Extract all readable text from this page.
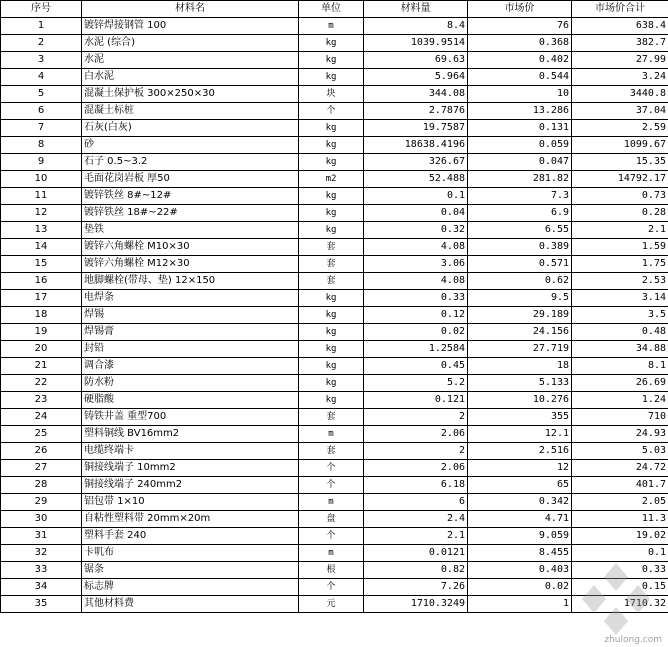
序号	材料名	单位	材料量	市场价	市场价合计
1	镀锌焊接钢管 100	m	8.4	76	638.4
2	水泥 (综合)	kg	1039.9514	0.368	382.7
3	水泥	kg	69.63	0.402	27.99
4	白水泥	kg	5.964	0.544	3.24
5	混凝土保护板 300×250×30	块	344.08	10	3440.8
6	混凝土标桩	个	2.7876	13.286	37.04
7	石灰(白灰)	kg	19.7587	0.131	2.59
8	砂	kg	18638.4196	0.059	1099.67
9	石子 0.5~3.2	kg	326.67	0.047	15.35
10	毛面花岗岩板 厚50	m2	52.488	281.82	14792.17
11	镀锌铁丝 8#~12#	kg	0.1	7.3	0.73
12	镀锌铁丝 18#~22#	kg	0.04	6.9	0.28
13	垫铁	kg	0.32	6.55	2.1
14	镀锌六角螺栓 M10×30	套	4.08	0.389	1.59
15	镀锌六角螺栓 M12×30	套	3.06	0.571	1.75
16	地脚螺栓(带母、垫) 12×150	套	4.08	0.62	2.53
17	电焊条	kg	0.33	9.5	3.14
18	焊锡	kg	0.12	29.189	3.5
19	焊锡膏	kg	0.02	24.156	0.48
20	封铅	kg	1.2584	27.719	34.88
21	调合漆	kg	0.45	18	8.1
22	防水粉	kg	5.2	5.133	26.69
23	硬脂酸	kg	0.121	10.276	1.24
24	铸铁井盖 重型700	套	2	355	710
25	塑料铜线 BV16mm2	m	2.06	12.1	24.93
26	电缆终端卡	套	2	2.516	5.03
27	铜接线端子 10mm2	个	2.06	12	24.72
28	铜接线端子 240mm2	个	6.18	65	401.7
29	铝包带 1×10	m	6	0.342	2.05
30	自粘性塑料带 20mm×20m	盘	2.4	4.71	11.3
31	塑料手套 240	个	2.1	9.059	19.02
32	卡叽布	m	0.0121	8.455	0.1
33	锯条	根	0.82	0.403	0.33
34	标志牌	个	7.26	0.02	0.15
35	其他材料费	元	1710.3249	1	1710.32
zhulong.com
